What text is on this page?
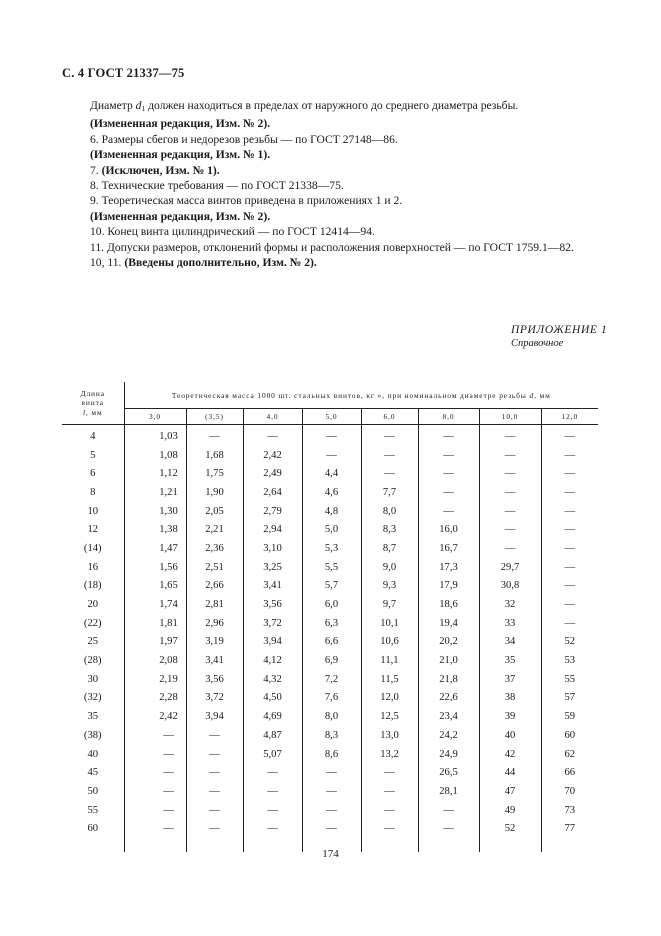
С. 4 ГОСТ 21337—75
Диаметр $d_1$ должен находиться в пределах от наружного до среднего диаметра резьбы.
(Измененная редакция, Изм. № 2).
6. Размеры сбегов и недорезов резьбы — по ГОСТ 27148—86.
(Измененная редакция, Изм. № 1).
7. (Исключен, Изм. № 1).
8. Технические требования — по ГОСТ 21338—75.
9. Теоретическая масса винтов приведена в приложениях 1 и 2.
(Измененная редакция, Изм. № 2).
10. Конец винта цилиндрический — по ГОСТ 12414—94.
11. Допуски размеров, отклонений формы и расположения поверхностей — по ГОСТ 1759.1—82.
10, 11. (Введены дополнительно, Изм. № 2).
ПРИЛОЖЕНИЕ 1
Справочное
Длина
винта
l, мм	Теоретическая масса 1000 шт. стальных винтов, кг », при номинальном диаметре резьбы d, мм							
	3,0	(3,5)	4,0	5,0	6,0	8,0	10,0	12,0
4	1,03	—	—	—	—	—	—	—
5	1,08	1,68	2,42	—	—	—	—	—
6	1,12	1,75	2,49	4,4	—	—	—	—
8	1,21	1,90	2,64	4,6	7,7	—	—	—
10	1,30	2,05	2,79	4,8	8,0	—	—	—
12	1,38	2,21	2,94	5,0	8,3	16,0	—	—
(14)	1,47	2,36	3,10	5,3	8,7	16,7	—	—
16	1,56	2,51	3,25	5,5	9,0	17,3	29,7	—
(18)	1,65	2,66	3,41	5,7	9,3	17,9	30,8	—
20	1,74	2,81	3,56	6,0	9,7	18,6	32	—
(22)	1,81	2,96	3,72	6,3	10,1	19,4	33	—
25	1,97	3,19	3,94	6,6	10,6	20,2	34	52
(28)	2,08	3,41	4,12	6,9	11,1	21,0	35	53
30	2,19	3,56	4,32	7,2	11,5	21,8	37	55
(32)	2,28	3,72	4,50	7,6	12,0	22,6	38	57
35	2,42	3,94	4,69	8,0	12,5	23,4	39	59
(38)	—	—	4,87	8,3	13,0	24,2	40	60
40	—	—	5,07	8,6	13,2	24,9	42	62
45	—	—	—	—	—	26,5	44	66
50	—	—	—	—	—	28,1	47	70
55	—	—	—	—	—	—	49	73
60	—	—	—	—	—	—	52	77

174
